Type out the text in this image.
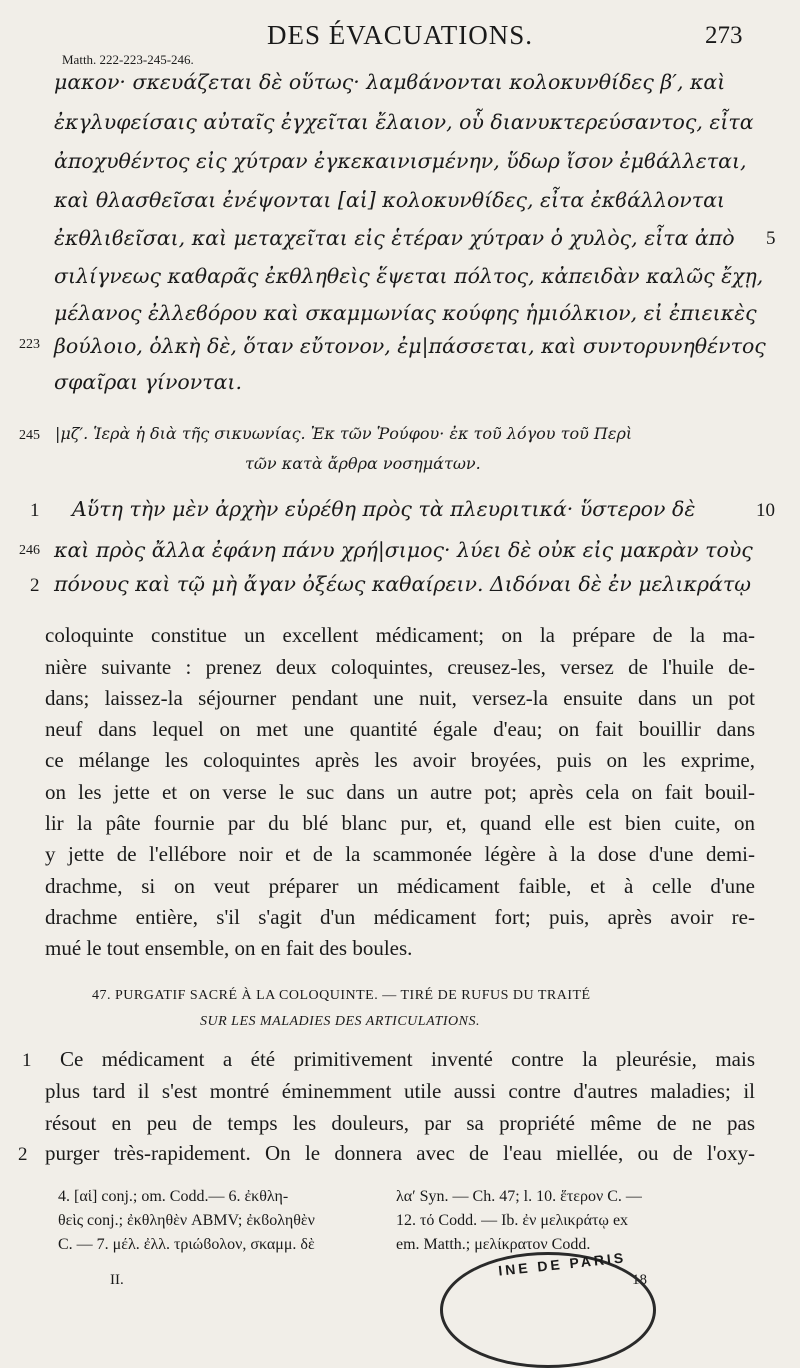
DES ÉVACUATIONS.	273
Matth. 222-223-245-246.
μακον· σκευάζεται δὲ οὕτως· λαμϐάνονται κολοκυνθίδες β′, καὶ
ἐκγλυφείσαις αὐταῖς ἐγχεῖται ἔλαιον, οὗ διανυκτερεύσαντος, εἶτα
ἀποχυθέντος εἰς χύτραν ἐγκεκαινισμένην, ὕδωρ ἴσον ἐμϐάλλεται,
καὶ θλασθεῖσαι ἐνέψονται [αἱ] κολοκυνθίδες, εἶτα ἐκϐάλλονται
ἐκθλιϐεῖσαι, καὶ μεταχεῖται εἰς ἑτέραν χύτραν ὁ χυλὸς, εἶτα ἀπὸ 5
σιλίγνεως καθαρᾶς ἐκθληθεὶς ἕψεται πόλτος, κἀπειδὰν καλῶς ἔχῃ,
μέλανος ἐλλεϐόρου καὶ σκαμμωνίας κούφης ἡμιόλκιον, εἰ ἐπιεικὲς
223 βούλοιο, ὁλκὴ δὲ, ὅταν εὔτονον, ἐμ|πάσσεται, καὶ συντορυνηθέντος
σφαῖραι γίνονται.
245 |μζ′. Ἱερὰ ἡ διὰ τῆς σικυωνίας. Ἐκ τῶν Ῥούφου· ἐκ τοῦ λόγου τοῦ Περὶ
τῶν κατὰ ἄρθρα νοσημάτων.
1 Αὕτη τὴν μὲν ἀρχὴν εὑρέθη πρὸς τὰ πλευριτικά· ὕστερον δὲ	10
246 καὶ πρὸς ἄλλα ἐφάνη πάνυ χρή|σιμος· λύει δὲ οὐκ εἰς μακρὰν τοὺς
2 πόνους καὶ τῷ μὴ ἄγαν ὀξέως καθαίρειν. Διδόναι δὲ ἐν μελικράτῳ
coloquinte constitue un excellent médicament; on la prépare de la ma-
nière suivante : prenez deux coloquintes, creusez-les, versez de l'huile de-
dans; laissez-la séjourner pendant une nuit, versez-la ensuite dans un pot
neuf dans lequel on met une quantité égale d'eau; on fait bouillir dans
ce mélange les coloquintes après les avoir broyées, puis on les exprime,
on les jette et on verse le suc dans un autre pot; après cela on fait bouil-
lir la pâte fournie par du blé blanc pur, et, quand elle est bien cuite, on
y jette de l'ellébore noir et de la scammonée légère à la dose d'une demi-
drachme, si on veut préparer un médicament faible, et à celle d'une
drachme entière, s'il s'agit d'un médicament fort; puis, après avoir re-
mué le tout ensemble, on en fait des boules.
47. PURGATIF SACRÉ À LA COLOQUINTE. — TIRÉ DE RUFUS DU TRAITÉ
SUR LES MALADIES DES ARTICULATIONS.
1 Ce médicament a été primitivement inventé contre la pleurésie, mais
plus tard il s'est montré éminemment utile aussi contre d'autres maladies; il
résout en peu de temps les douleurs, par sa propriété même de ne pas
2 purger très-rapidement. On le donnera avec de l'eau miellée, ou de l'oxy-
4. [αἱ] conj.; om. Codd.— 6. ἐκθλη-
θεὶς conj.; ἐκθληθὲν ABMV; ἐκϐοληθὲν
C. — 7. μέλ. ἐλλ. τριώϐολον, σκαμμ. δὲ
λα′ Syn. — Ch. 47; l. 10. ἕτερον C. —
12. τό Codd. — Ib. ἐν μελικράτῳ ex
em. Matth.; μελίκρατον Codd.
II.	18
INE DE PARIS
